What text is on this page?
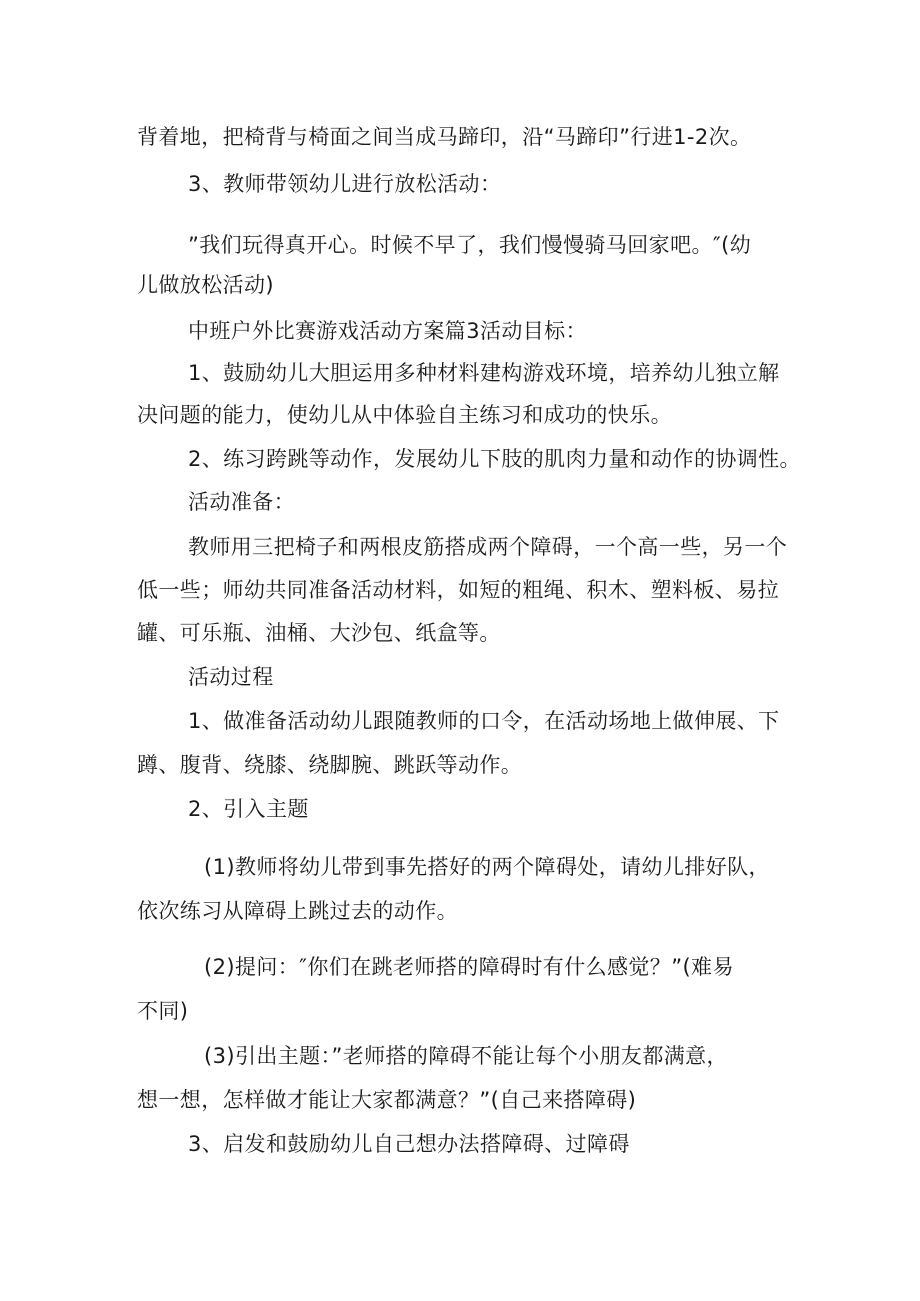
背着地，把椅背与椅面之间当成马蹄印，沿“马蹄印”行进1-2次。
3、教师带领幼儿进行放松活动：
”我们玩得真开心。时候不早了，我们慢慢骑马回家吧。″(幼
儿做放松活动)
中班户外比赛游戏活动方案篇3活动目标：
1、鼓励幼儿大胆运用多种材料建构游戏环境，培养幼儿独立解
决问题的能力，使幼儿从中体验自主练习和成功的快乐。
2、练习跨跳等动作，发展幼儿下肢的肌肉力量和动作的协调性。
活动准备：
教师用三把椅子和两根皮筋搭成两个障碍，一个高一些，另一个
低一些；师幼共同准备活动材料，如短的粗绳、积木、塑料板、易拉
罐、可乐瓶、油桶、大沙包、纸盒等。
活动过程
1、做准备活动幼儿跟随教师的口令，在活动场地上做伸展、下
蹲、腹背、绕膝、绕脚腕、跳跃等动作。
2、引入主题
(1)教师将幼儿带到事先搭好的两个障碍处，请幼儿排好队，
依次练习从障碍上跳过去的动作。
(2)提问：″你们在跳老师搭的障碍时有什么感觉？”(难易
不同)
(3)引出主题：”老师搭的障碍不能让每个小朋友都满意，
想一想，怎样做才能让大家都满意？”(自己来搭障碍)
3、启发和鼓励幼儿自己想办法搭障碍、过障碍
